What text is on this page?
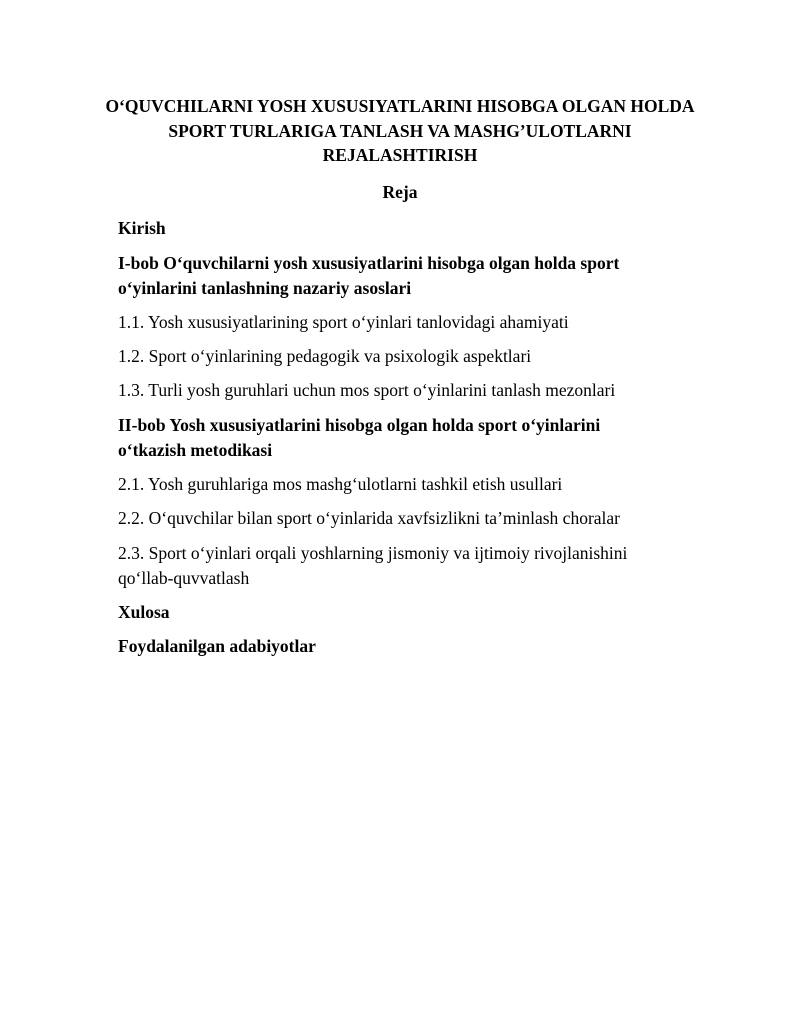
O‘QUVCHILARNI YOSH XUSUSIYATLARINI HISOBGA OLGAN HOLDA SPORT TURLARIGA TANLASH VA MASHG’ULOTLARNI REJALASHTIRISH
Reja
Kirish
I-bob O‘quvchilarni yosh xususiyatlarini hisobga olgan holda sport
o‘yinlarini tanlashning nazariy asoslari
1.1. Yosh xususiyatlarining sport o‘yinlari tanlovidagi ahamiyati
1.2. Sport o‘yinlarining pedagogik va psixologik aspektlari
1.3. Turli yosh guruhlari uchun mos sport o‘yinlarini tanlash mezonlari
II-bob Yosh xususiyatlarini hisobga olgan holda sport o‘yinlarini
o‘tkazish metodikasi
2.1. Yosh guruhlariga mos mashg‘ulotlarni tashkil etish usullari
2.2. O‘quvchilar bilan sport o‘yinlarida xavfsizlikni ta’minlash choralar
2.3. Sport o‘yinlari orqali yoshlarning jismoniy va ijtimoiy rivojlanishini
qo‘llab-quvvatlash
Xulosa
Foydalanilgan adabiyotlar
